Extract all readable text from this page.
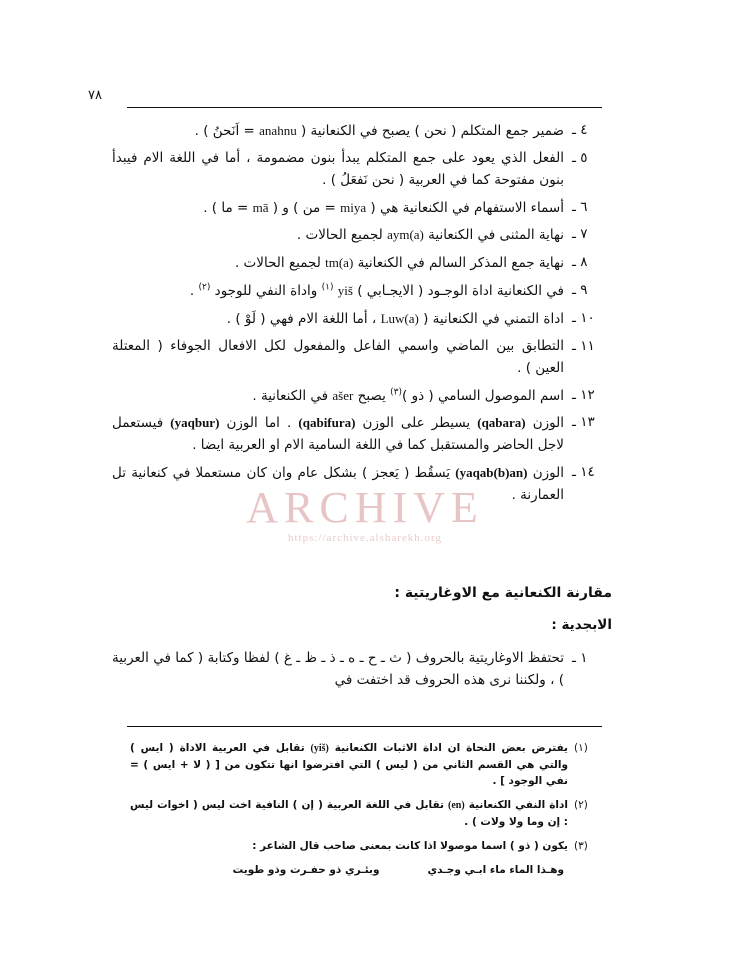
٧٨
٤ ـ
ضمير جمع المتكلم ( نحن ) يصبح في الكنعانية ( anahnu = اَنَحنُ ) .
٥ ـ
الفعل الذي يعود على جمع المتكلم يبدأ بنون مضمومة ، أما في اللغة الام فيبدأ بنون مفتوحة كما في العربية ( نحن نَفعَلُ ) .
٦ ـ
أسماء الاستفهام في الكنعانية هي ( miya = من ) و ( mā = ما ) .
٧ ـ
نهاية المثنى في الكنعانية aym(a) لجميع الحالات .
٨ ـ
نهاية جمع المذكر السالم في الكنعانية tm(a) لجميع الحالات .
٩ ـ
في الكنعانية اداة الوجـود ( الايجـابي ) yiš $^{(١)}$ واداة النفي للوجود $^{(٢)}$ .
١٠ ـ
اداة التمني في الكنعانية ( Luw(a) ، أما اللغة الام فهي ( لَوْ ) .
١١ ـ
التطابق بين الماضي واسمي الفاعل والمفعول لكل الافعال الجوفاء ( المعتلة العين ) .
١٢ ـ
اسم الموصول السامي ( ذو )$^{(٣)}$ يصبح ašer في الكنعانية .
١٣ ـ
الوزن (qabara) يسيطر على الوزن (qabifura) . اما الوزن (yaqbur) فيستعمل لاجل الحاضر والمستقبل كما في اللغة السامية الام او العربية ايضا .
١٤ ـ
الوزن (yaqab(b)an) يَسقُط ( يَعجز ) بشكل عام وان كان مستعملا في كنعانية تل العمارنة .
مقارنة الكنعانية مع الاوغاريتية :
الابجدية :
١ ـ
تحتفظ الاوغاريتية بالحروف ( ث ـ ح ـ ه ـ ذ ـ ظ ـ غ ) لفظا وكتابة ( كما في العربية ) ، ولكننا نرى هذه الحروف قد اختفت في
(١)
يفترض بعض النحاة ان اداة الاثبات الكنعانية (yiš) تقابل في العربية الاداة ( ايس ) والتي هي القسم الثاني من ( ليس ) التي افترضوا انها تتكون من [ ( لا + ايس ) = نفي الوجود ] .
(٢)
اداة النفي الكنعانية (en) تقابل في اللغة العربية ( إن ) النافية اخت ليس ( اخوات ليس : إن وما ولا ولات ) .
(٣)
يكون ( ذو ) اسما موصولا اذا كانت بمعنى صاحب قال الشاعر :
وهـذا الماء ماء ابـي وجـدي
وبئـري ذو حفـرت وذو طويت
ARCHIVE
https://archive.alsharekh.org
